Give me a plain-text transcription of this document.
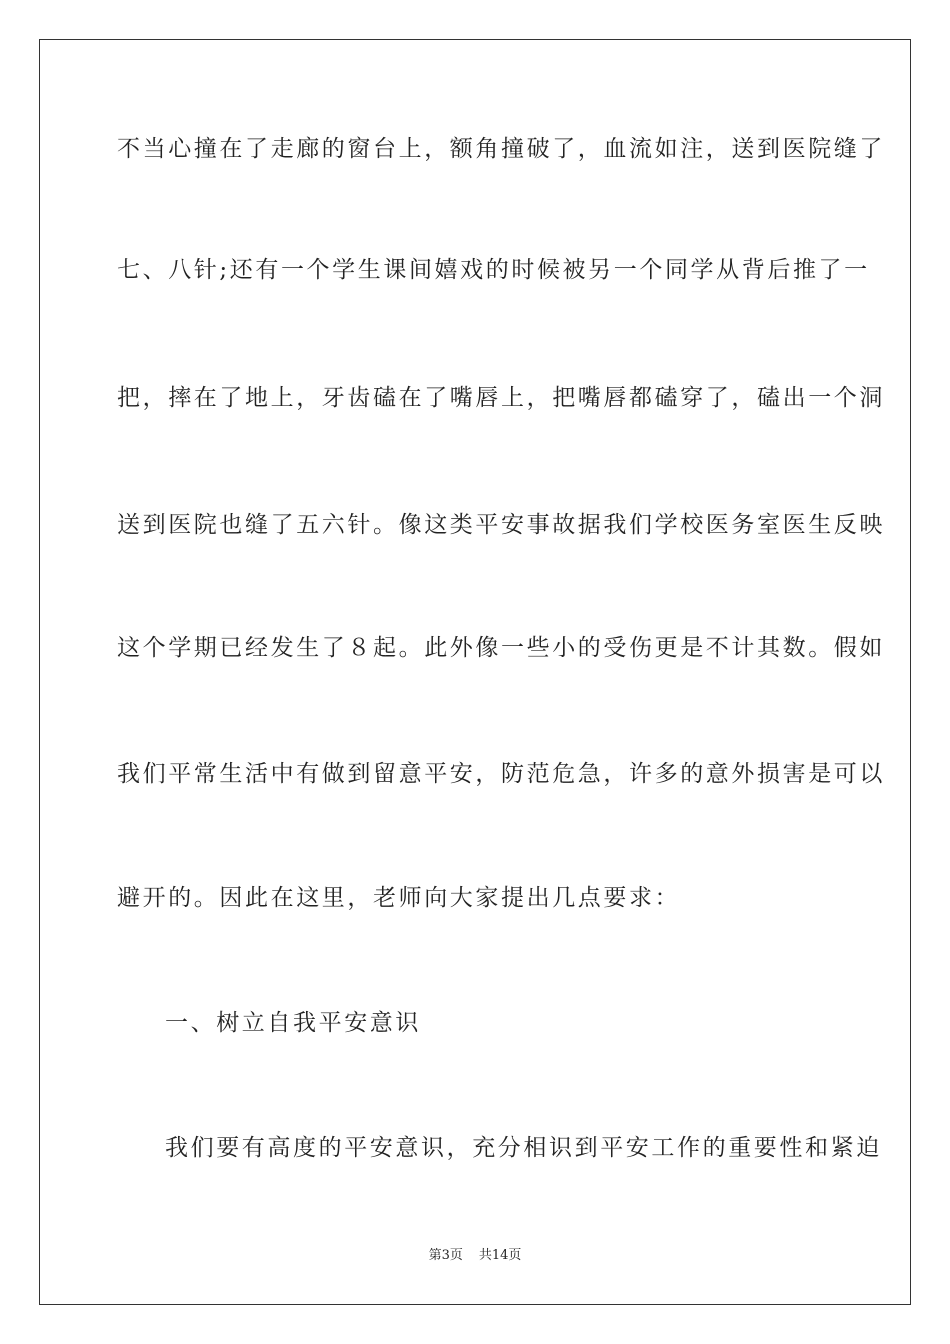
不当心撞在了走廊的窗台上，额角撞破了，血流如注，送到医院缝了
七、八针;还有一个学生课间嬉戏的时候被另一个同学从背后推了一
把，摔在了地上，牙齿磕在了嘴唇上，把嘴唇都磕穿了，磕出一个洞
送到医院也缝了五六针。像这类平安事故据我们学校医务室医生反映
这个学期已经发生了８起。此外像一些小的受伤更是不计其数。假如
我们平常生活中有做到留意平安，防范危急，许多的意外损害是可以
避开的。因此在这里，老师向大家提出几点要求：
一、树立自我平安意识
我们要有高度的平安意识，充分相识到平安工作的重要性和紧迫
第3页 共14页
